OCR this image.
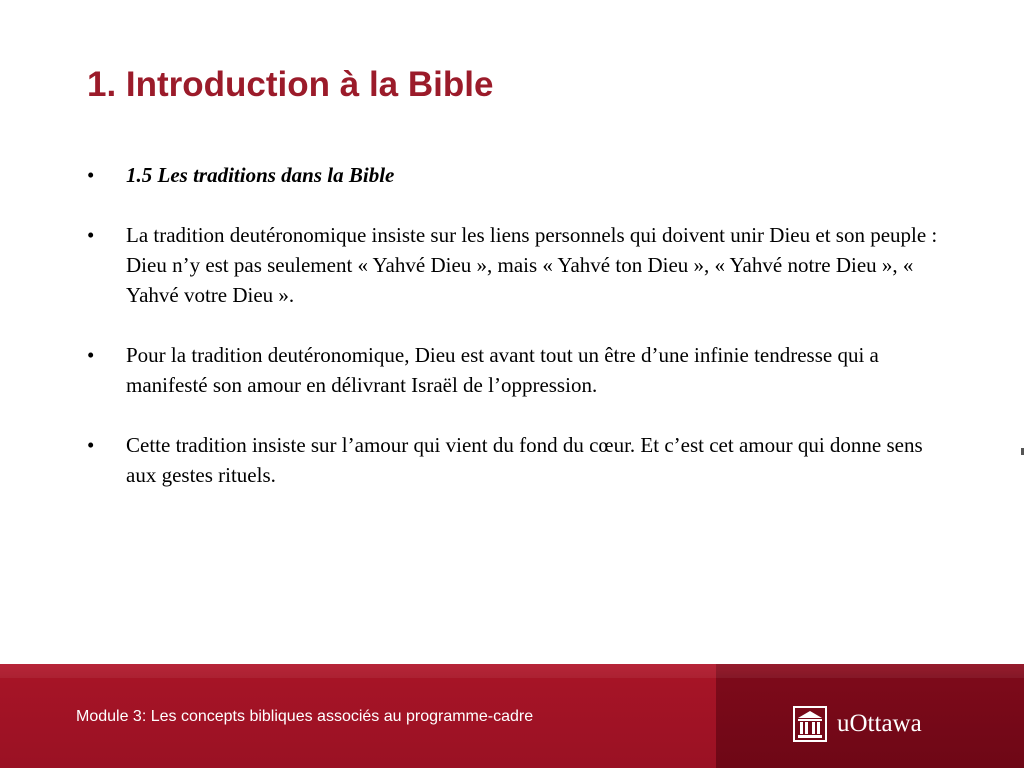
1. Introduction à la Bible
• 1.5 Les traditions dans la Bible
• La tradition deutéronomique insiste sur les liens personnels qui doivent unir Dieu et son peuple : Dieu n’y est pas seulement « Yahvé Dieu », mais « Yahvé ton Dieu », « Yahvé notre Dieu », « Yahvé votre Dieu ».
• Pour la tradition deutéronomique, Dieu est avant tout un être d’une infinie tendresse qui a manifesté son amour en délivrant Israël de l’oppression.
• Cette tradition insiste sur l’amour qui vient du fond du cœur. Et c’est cet amour qui donne sens aux gestes rituels.
Module 3: Les concepts bibliques associés au programme-cadre	uOttawa
